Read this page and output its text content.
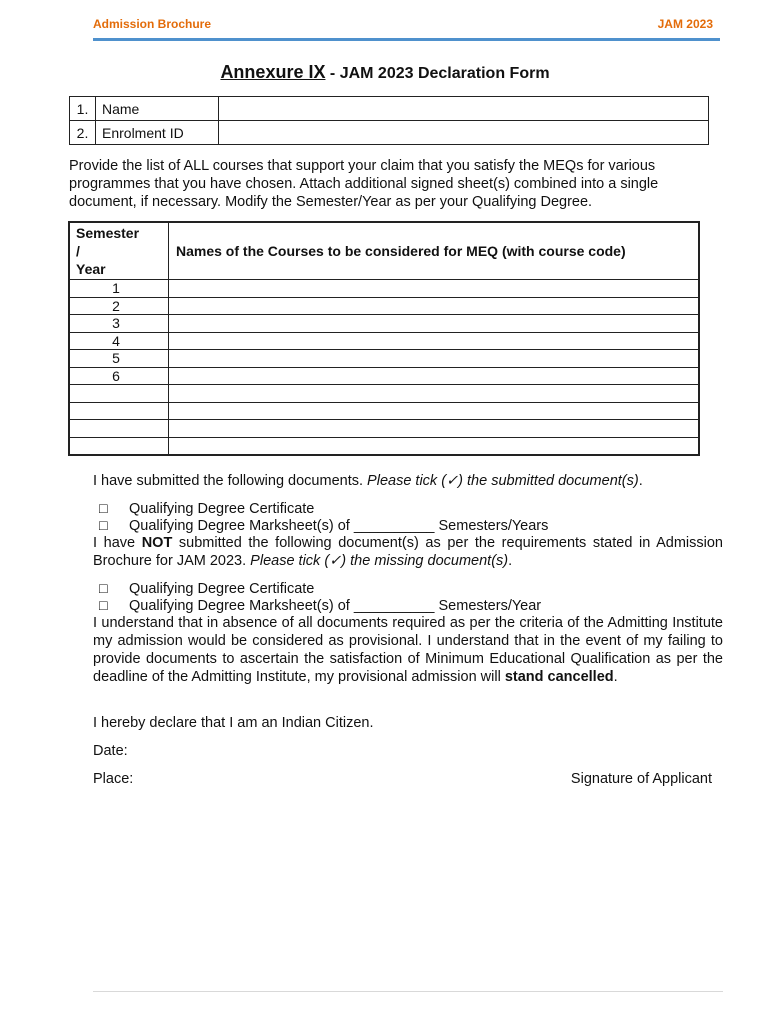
Admission Brochure	JAM 2023
Annexure IX - JAM 2023 Declaration Form
1.	Name	
2.	Enrolment ID	
Provide the list of ALL courses that support your claim that you satisfy the MEQs for various programmes that you have chosen. Attach additional signed sheet(s) combined into a single document, if necessary. Modify the Semester/Year as per your Qualifying Degree.
Semester
/
Year	Names of the Courses to be considered for MEQ (with course code)
1	
2	
3	
4	
5	
6	

I have submitted the following documents. Please tick (✓) the submitted document(s).
□ Qualifying Degree Certificate
□ Qualifying Degree Marksheet(s) of __________ Semesters/Years
I have NOT submitted the following document(s) as per the requirements stated in Admission Brochure for JAM 2023. Please tick (✓) the missing document(s).
□ Qualifying Degree Certificate
□ Qualifying Degree Marksheet(s) of __________ Semesters/Year
I understand that in absence of all documents required as per the criteria of the Admitting Institute my admission would be considered as provisional. I understand that in the event of my failing to provide documents to ascertain the satisfaction of Minimum Educational Qualification as per the deadline of the Admitting Institute, my provisional admission will stand cancelled.
I hereby declare that I am an Indian Citizen.
Date:
Place:	Signature of Applicant
